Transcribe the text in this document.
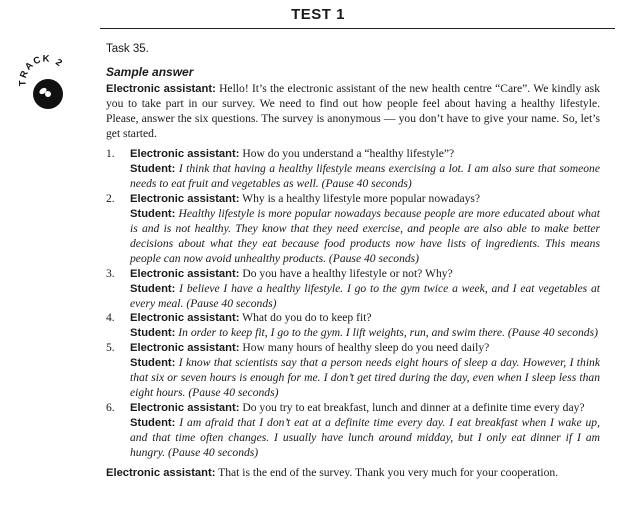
TEST 1
TRACK 2

Task 35.

Sample answer

Electronic assistant: Hello! It’s the electronic assistant of the new health centre “Care”. We kindly ask you to take part in our survey. We need to find out how people feel about having a healthy lifestyle. Please, answer the six questions. The survey is anonymous — you don’t have to give your name. So, let’s get started.

1. Electronic assistant: How do you understand a “healthy lifestyle”?
Student: I think that having a healthy lifestyle means exercising a lot. I am also sure that someone needs to eat fruit and vegetables as well. (Pause 40 seconds)
2. Electronic assistant: Why is a healthy lifestyle more popular nowadays?
Student: Healthy lifestyle is more popular nowadays because people are more educated about what is and is not healthy. They know that they need exercise, and people are also able to make better decisions about what they eat because food products now have lists of ingredients. This means people can now avoid unhealthy products. (Pause 40 seconds)
3. Electronic assistant: Do you have a healthy lifestyle or not? Why?
Student: I believe I have a healthy lifestyle. I go to the gym twice a week, and I eat vegetables at every meal. (Pause 40 seconds)
4. Electronic assistant: What do you do to keep fit?
Student: In order to keep fit, I go to the gym. I lift weights, run, and swim there. (Pause 40 seconds)
5. Electronic assistant: How many hours of healthy sleep do you need daily?
Student: I know that scientists say that a person needs eight hours of sleep a day. However, I think that six or seven hours is enough for me. I don’t get tired during the day, even when I sleep less than eight hours. (Pause 40 seconds)
6. Electronic assistant: Do you try to eat breakfast, lunch and dinner at a definite time every day?
Student: I am afraid that I don’t eat at a definite time every day. I eat breakfast when I wake up, and that time often changes. I usually have lunch around midday, but I only eat dinner if I am hungry. (Pause 40 seconds)

Electronic assistant: That is the end of the survey. Thank you very much for your cooperation.
